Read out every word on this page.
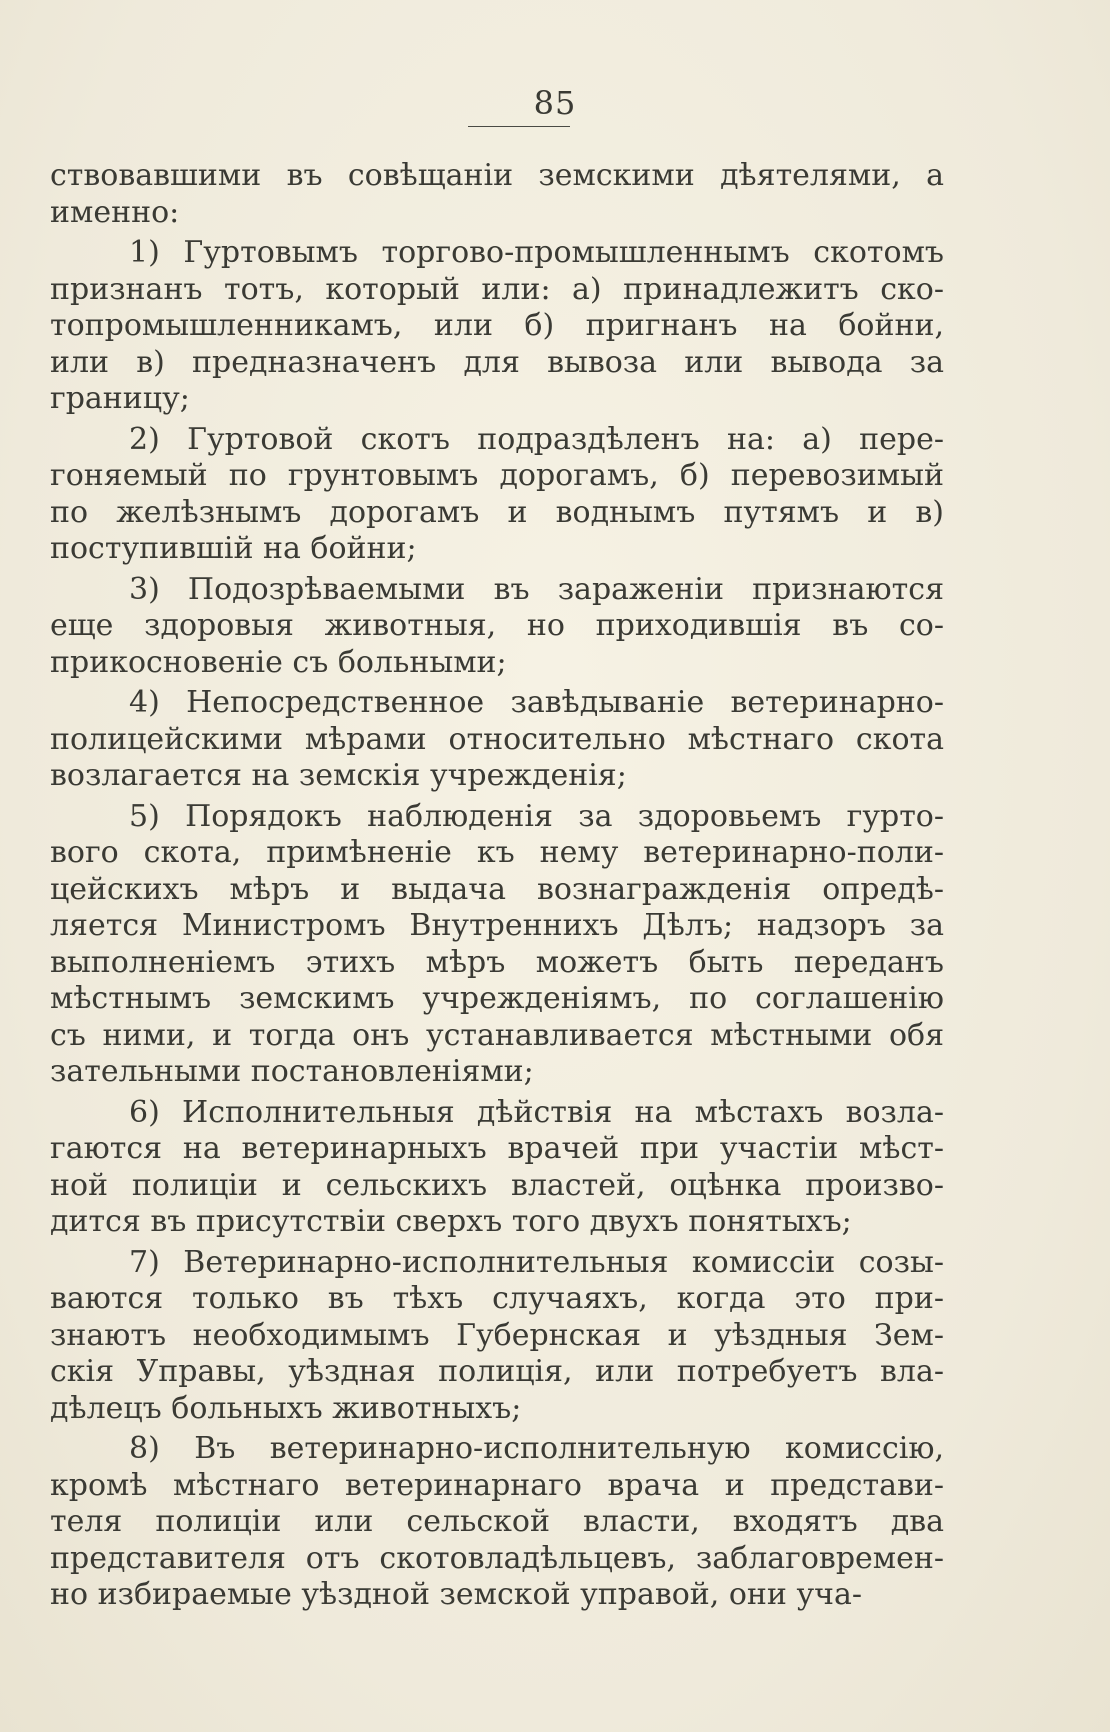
85
ствовавшими въ совѣщаніи земскими дѣятелями, а
именно:
1) Гуртовымъ торгово-промышленнымъ скотомъ
признанъ тотъ, который или: а) принадлежитъ ско-
топромышленникамъ, или б) пригнанъ на бойни,
или в) предназначенъ для вывоза или вывода за
границу;
2) Гуртовой скотъ подраздѣленъ на: а) пере-
гоняемый по грунтовымъ дорогамъ, б) перевозимый
по желѣзнымъ дорогамъ и воднымъ путямъ и в)
поступившій на бойни;
3) Подозрѣваемыми въ зараженіи признаются
еще здоровыя животныя, но приходившія въ со-
прикосновеніе съ больными;
4) Непосредственное завѣдываніе ветеринарно-
полицейскими мѣрами относительно мѣстнаго скота
возлагается на земскія учрежденія;
5) Порядокъ наблюденія за здоровьемъ гурто-
вого скота, примѣненіе къ нему ветеринарно-поли-
цейскихъ мѣръ и выдача вознагражденія опредѣ-
ляется Министромъ Внутреннихъ Дѣлъ; надзоръ за
выполненіемъ этихъ мѣръ можетъ быть переданъ
мѣстнымъ земскимъ учрежденіямъ, по соглашенію
съ ними, и тогда онъ устанавливается мѣстными обя
зательными постановленіями;
6) Исполнительныя дѣйствія на мѣстахъ возла-
гаются на ветеринарныхъ врачей при участіи мѣст-
ной полиціи и сельскихъ властей, оцѣнка произво-
дится въ присутствіи сверхъ того двухъ понятыхъ;
7) Ветеринарно-исполнительныя комиссіи созы-
ваются только въ тѣхъ случаяхъ, когда это при-
знаютъ необходимымъ Губернская и уѣздныя Зем-
скія Управы, уѣздная полиція, или потребуетъ вла-
дѣлецъ больныхъ животныхъ;
8) Въ ветеринарно-исполнительную комиссію,
кромѣ мѣстнаго ветеринарнаго врача и представи-
теля полиціи или сельской власти, входятъ два
представителя отъ скотовладѣльцевъ, заблаговремен-
но избираемые уѣздной земской управой, они уча-
